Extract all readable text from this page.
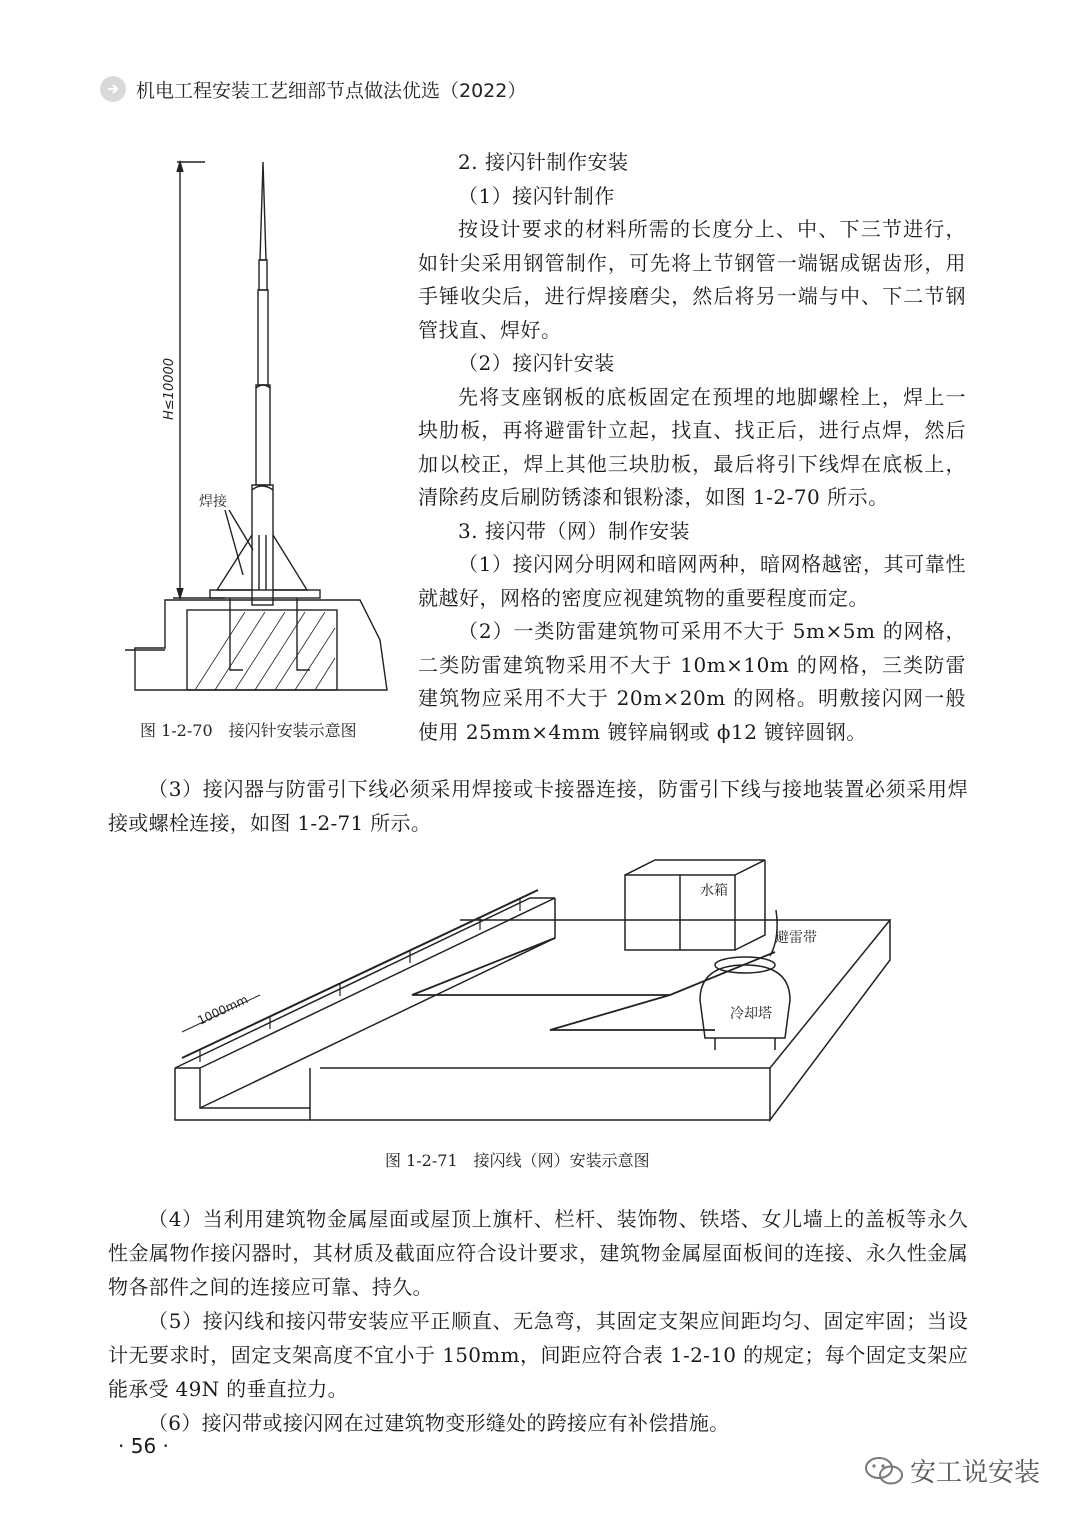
机电工程安装工艺细部节点做法优选（2022）
H≤10000
焊接
图 1-2-70　接闪针安装示意图

2. 接闪针制作安装

（1）接闪针制作

按设计要求的材料所需的长度分上、中、下三节进行，如针尖采用钢管制作，可先将上节钢管一端锯成锯齿形，用手锤收尖后，进行焊接磨尖，然后将另一端与中、下二节钢管找直、焊好。

（2）接闪针安装

先将支座钢板的底板固定在预埋的地脚螺栓上，焊上一块肋板，再将避雷针立起，找直、找正后，进行点焊，然后加以校正，焊上其他三块肋板，最后将引下线焊在底板上，清除药皮后刷防锈漆和银粉漆，如图 1-2-70 所示。

3. 接闪带（网）制作安装

（1）接闪网分明网和暗网两种，暗网格越密，其可靠性就越好，网格的密度应视建筑物的重要程度而定。

（2）一类防雷建筑物可采用不大于 5m×5m 的网格，二类防雷建筑物采用不大于 10m×10m 的网格，三类防雷建筑物应采用不大于 20m×20m 的网格。明敷接闪网一般使用 25mm×4mm 镀锌扁钢或 ϕ12 镀锌圆钢。

（3）接闪器与防雷引下线必须采用焊接或卡接器连接，防雷引下线与接地装置必须采用焊接或螺栓连接，如图 1-2-71 所示。

水箱
避雷带
冷却塔
1000mm
图 1-2-71　接闪线（网）安装示意图

（4）当利用建筑物金属屋面或屋顶上旗杆、栏杆、装饰物、铁塔、女儿墙上的盖板等永久性金属物作接闪器时，其材质及截面应符合设计要求，建筑物金属屋面板间的连接、永久性金属物各部件之间的连接应可靠、持久。

（5）接闪线和接闪带安装应平正顺直、无急弯，其固定支架应间距均匀、固定牢固；当设计无要求时，固定支架高度不宜小于 150mm，间距应符合表 1-2-10 的规定；每个固定支架应能承受 49N 的垂直拉力。

（6）接闪带或接闪网在过建筑物变形缝处的跨接应有补偿措施。

· 56 ·
安工说安装
